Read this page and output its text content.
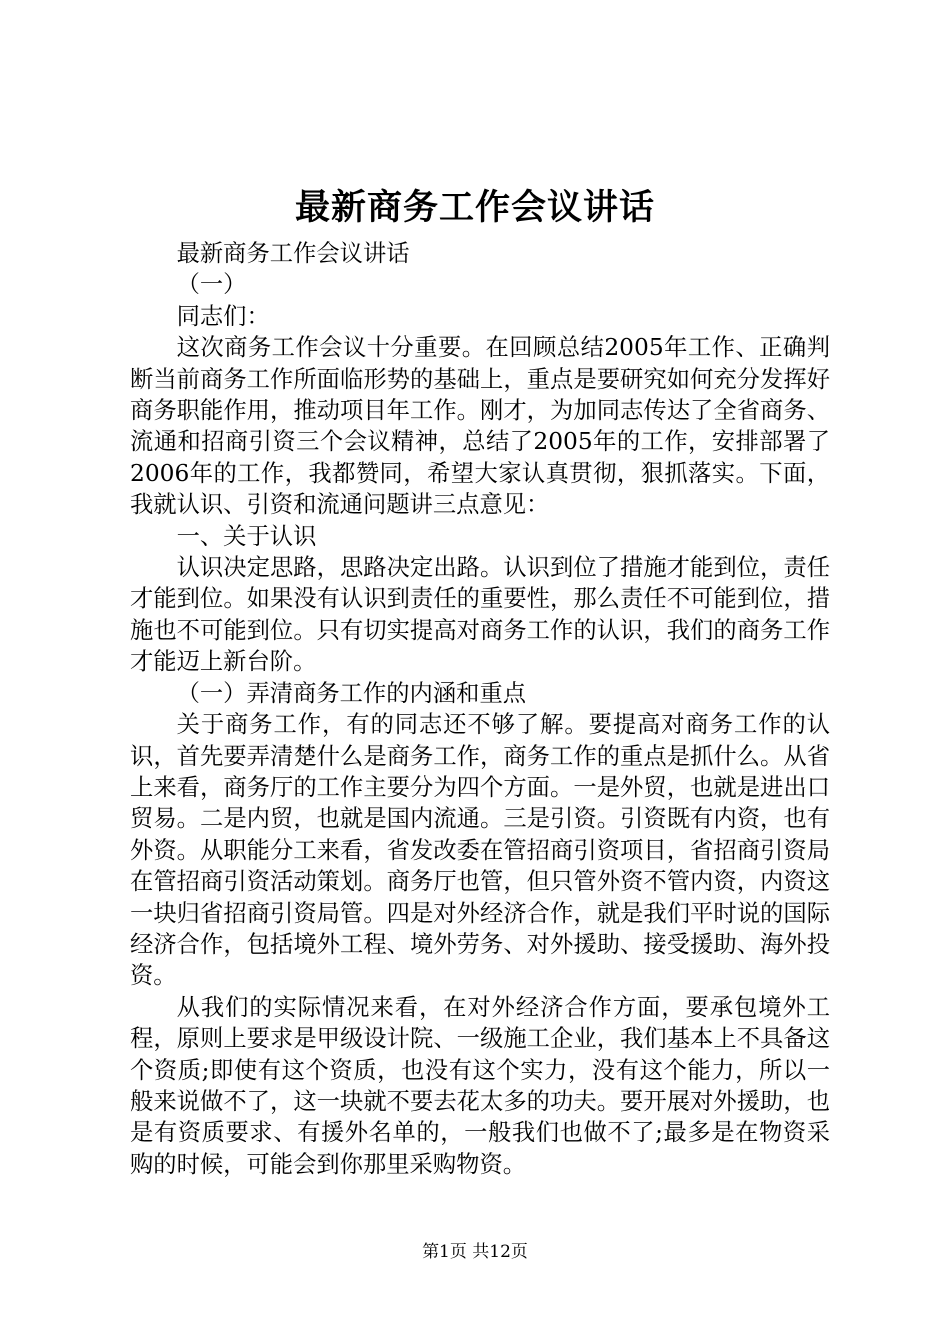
最新商务工作会议讲话

最新商务工作会议讲话

（一）

同志们：

这次商务工作会议十分重要。在回顾总结2005年工作、正确判断当前商务工作所面临形势的基础上，重点是要研究如何充分发挥好商务职能作用，推动项目年工作。刚才，为加同志传达了全省商务、流通和招商引资三个会议精神，总结了2005年的工作，安排部署了2006年的工作，我都赞同，希望大家认真贯彻，狠抓落实。下面，我就认识、引资和流通问题讲三点意见：

一、关于认识

认识决定思路，思路决定出路。认识到位了措施才能到位，责任才能到位。如果没有认识到责任的重要性，那么责任不可能到位，措施也不可能到位。只有切实提高对商务工作的认识，我们的商务工作才能迈上新台阶。

（一）弄清商务工作的内涵和重点

关于商务工作，有的同志还不够了解。要提高对商务工作的认识，首先要弄清楚什么是商务工作，商务工作的重点是抓什么。从省上来看，商务厅的工作主要分为四个方面。一是外贸，也就是进出口贸易。二是内贸，也就是国内流通。三是引资。引资既有内资，也有外资。从职能分工来看，省发改委在管招商引资项目，省招商引资局在管招商引资活动策划。商务厅也管，但只管外资不管内资，内资这一块归省招商引资局管。四是对外经济合作，就是我们平时说的国际经济合作，包括境外工程、境外劳务、对外援助、接受援助、海外投资。

从我们的实际情况来看，在对外经济合作方面，要承包境外工程，原则上要求是甲级设计院、一级施工企业，我们基本上不具备这个资质;即使有这个资质，也没有这个实力，没有这个能力，所以一般来说做不了，这一块就不要去花太多的功夫。要开展对外援助，也是有资质要求、有援外名单的，一般我们也做不了;最多是在物资采购的时候，可能会到你那里采购物资。

第1页 共12页
